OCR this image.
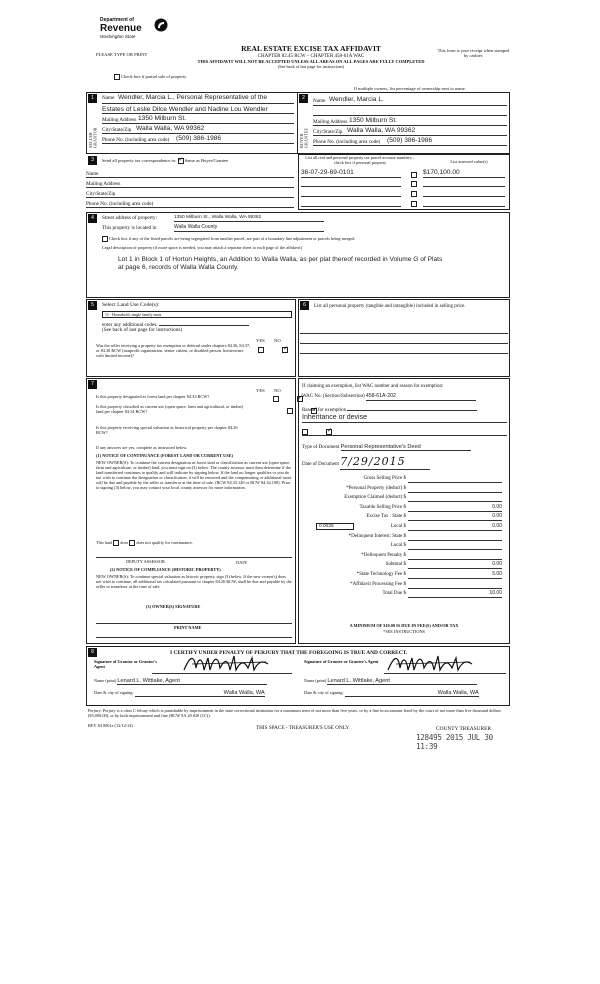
Department of
Revenue
Washington State
PLEASE TYPE OR PRINT
REAL ESTATE EXCISE TAX AFFIDAVIT
CHAPTER 82.45 RCW – CHAPTER 458-61A WAC
THIS AFFIDAVIT WILL NOT BE ACCEPTED UNLESS ALL AREAS ON ALL PAGES ARE FULLY COMPLETED
(See back of last page for instructions)
This form is your receipt when stamped by cashier.
Check box if partial sale of property
If multiple owners, list percentage of ownership next to name.
1
SELLER GRANTOR
Name Wendler, Marcia L., Personal Representative of the
Estates of Leslie Dilce Wendler and Nadine Lou Wendler
Mailing Address 1350 Milburn St.
City/State/Zip Walla Walla, WA 99362
Phone No. (including area code) (509) 386-1986
2
BUYER GRANTEE
Name Wendler, Marcia L.
Mailing Address 1350 Milburn St.
City/State/Zip Walla Walla, WA 99362
Phone No. (including area code) (509) 386-1986
3	Send all property tax correspondence to: ✓ Same as Buyer/Grantee
Name
Mailing Address
City/State/Zip
Phone No. (including area code)
List all real and personal property tax parcel account numbers – check box if personal property	List assessed value(s)
36-07-29-69-0101	$170,100.00
4	Street address of property:	1350 Milburn St., Walla Walla, WA 99362
This property is located in	Walla Walla County
Check box if any of the listed parcels are being segregated from another parcel, are part of a boundary line adjustment or parcels being merged.
Legal description of property (if more space is needed, you may attach a separate sheet to each page of the affidavit)
Lot 1 in Block 1 of Horton Heights, an Addition to Walla Walla, as per plat thereof recorded in Volume G of Plats at page 6, records of Walla Walla County.
5	Select Land Use Code(s):
11 - Household, single family units
enter any additional codes:
(See back of last page for instructions)
YES NO
Was the seller receiving a property tax exemption or deferral under chapters 84.36, 84.37, or 84.38 RCW (nonprofit organization, senior citizen, or disabled person, homeowner with limited income)?
✓
6	List all personal property (tangible and intangible) included in selling price.
7
YES NO
Is this property designated as forest land per chapter 84.33 RCW?
✓
Is this property classified as current use (open space, farm and agricultural, or timber) land per chapter 84.34 RCW?
✓
Is this property receiving special valuation as historical property per chapter 84.26 RCW?
✓
If any answers are yes, complete as instructed below.
(1) NOTICE OF CONTINUANCE (FOREST LAND OR CURRENT USE)
NEW OWNER(S): To continue the current designation as forest land or classification as current use (open space, farm and agriculture, or timber) land, you must sign on (3) below. The county assessor must then determine if the land transferred continues to qualify and will indicate by signing below. If the land no longer qualifies or you do not wish to continue the designation or classification, it will be removed and the compensating or additional taxes will be due and payable by the seller or transferor at the time of sale. (RCW 84.33.140 or RCW 84.34.108). Prior to signing (3) below, you may contact your local county assessor for more information.
This land does does not qualify for continuance.
DEPUTY ASSESSOR	DATE
(2) NOTICE OF COMPLIANCE (HISTORIC PROPERTY)
NEW OWNER(S): To continue special valuation as historic property, sign (3) below. If the new owner(s) does not wish to continue, all additional tax calculated pursuant to chapter 84.26 RCW, shall be due and payable by the seller or transferor at the time of sale.
(3) OWNER(S) SIGNATURE
PRINT NAME
If claiming an exemption, list WAC number and reason for exemption:
WAC No. (Section/Subsection) 458-61A-202
Reason for exemption
Inheritance or devise
Type of Document Personal Representative's Deed
Date of Document 7/29/2015
Gross Selling Price $
*Personal Property (deduct) $
Exemption Claimed (deduct) $
Taxable Selling Price $	0.00
Excise Tax : State $	0.00
0.0025	Local $	0.00
*Delinquent Interest: State $
Local $
*Delinquent Penalty $
Subtotal $	0.00
*State Technology Fee $	5.00
*Affidavit Processing Fee $
Total Due $	10.00
A MINIMUM OF $10.00 IS DUE IN FEE(S) AND/OR TAX
*SEE INSTRUCTIONS
8	I CERTIFY UNDER PENALTY OF PERJURY THAT THE FOREGOING IS TRUE AND CORRECT.
Signature of Grantor or Grantor's Agent
Name (print) Lenard L. Wittlake, Agent
Date & city of signing:	Walla Walla, WA
Signature of Grantee or Grantee's Agent
Name (print) Lenard L. Wittlake, Agent
Date & city of signing:	Walla Walla, WA
Perjury: Perjury is a class C felony which is punishable by imprisonment in the state correctional institution for a maximum term of not more than five years, or by a fine in an amount fixed by the court of not more than five thousand dollars ($5,000.00), or by both imprisonment and fine (RCW 9A.20.020 (1C)).
REV 84 0001a (12/12/14)	THIS SPACE - TREASURER'S USE ONLY	COUNTY TREASURER
128495 2015 JUL 30 11:39
